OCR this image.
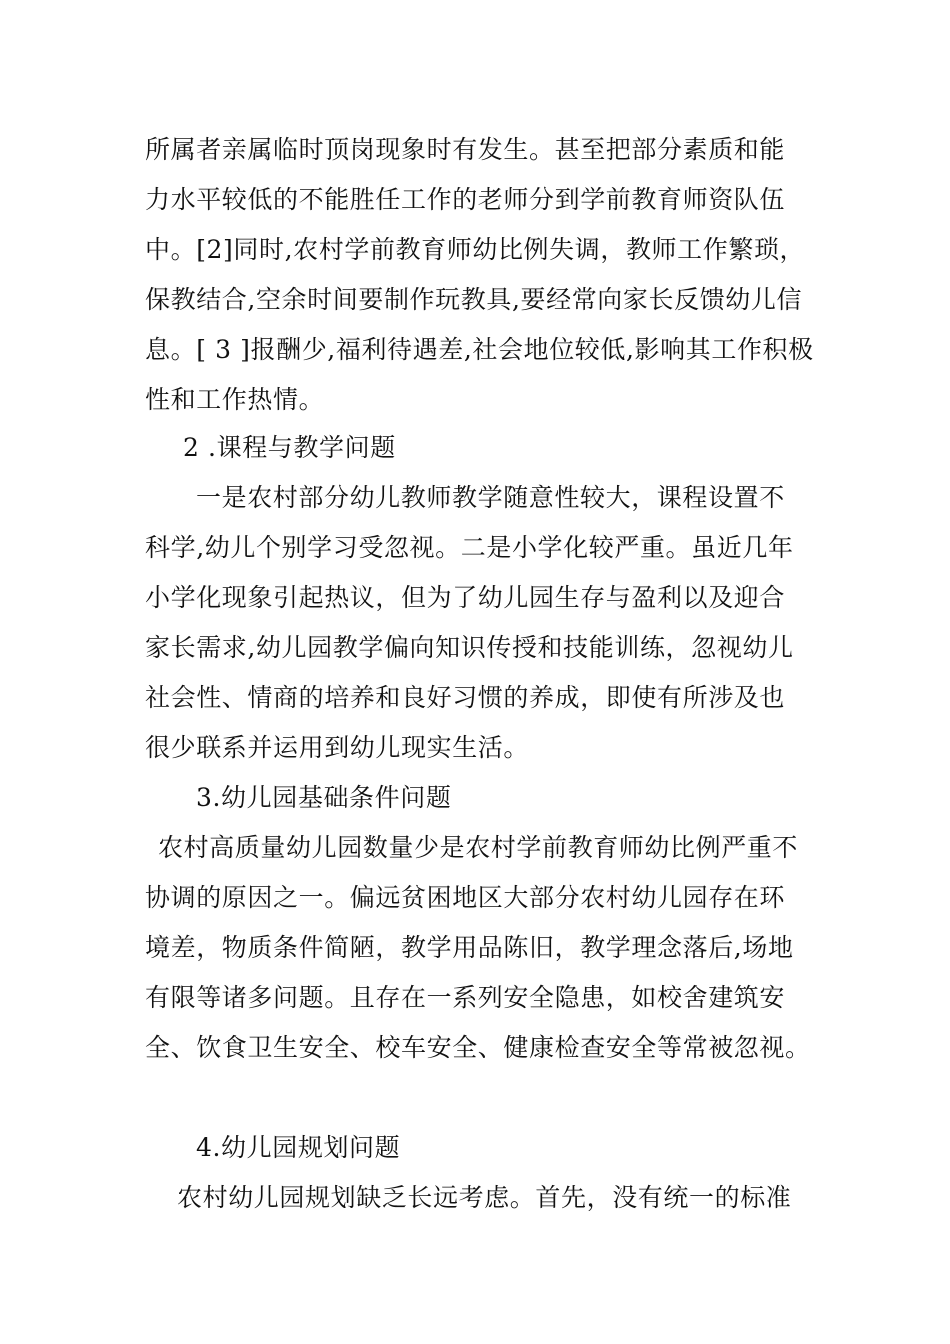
所属者亲属临时顶岗现象时有发生。甚至把部分素质和能
力水平较低的不能胜任工作的老师分到学前教育师资队伍
中。[2]同时,农村学前教育师幼比例失调，教师工作繁琐，
保教结合,空余时间要制作玩教具,要经常向家长反馈幼儿信
息。[ 3 ]报酬少,福利待遇差,社会地位较低,影响其工作积极
性和工作热情。
2 .课程与教学问题
一是农村部分幼儿教师教学随意性较大，课程设置不
科学,幼儿个别学习受忽视。二是小学化较严重。虽近几年
小学化现象引起热议，但为了幼儿园生存与盈利以及迎合
家长需求,幼儿园教学偏向知识传授和技能训练，忽视幼儿
社会性、情商的培养和良好习惯的养成，即使有所涉及也
很少联系并运用到幼儿现实生活。
3.幼儿园基础条件问题
农村高质量幼儿园数量少是农村学前教育师幼比例严重不
协调的原因之一。偏远贫困地区大部分农村幼儿园存在环
境差，物质条件简陋，教学用品陈旧，教学理念落后,场地
有限等诸多问题。且存在一系列安全隐患，如校舍建筑安
全、饮食卫生安全、校车安全、健康检查安全等常被忽视。
4.幼儿园规划问题
农村幼儿园规划缺乏长远考虑。首先，没有统一的标准
